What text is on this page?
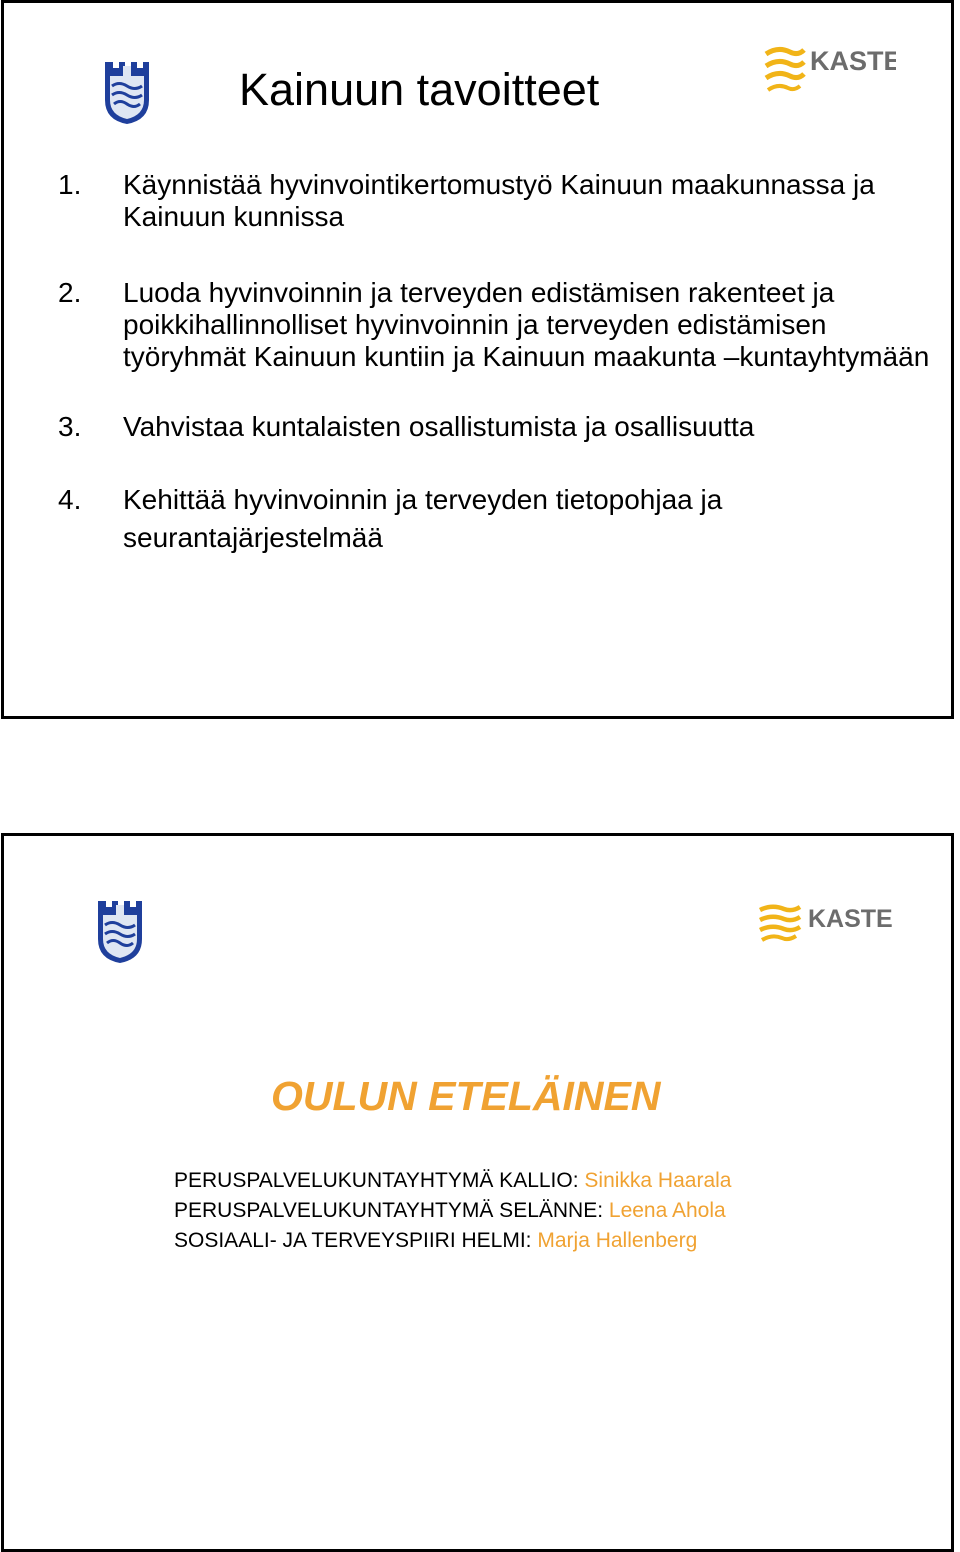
KASTE
Kainuun tavoitteet
1. Käynnistää hyvinvointikertomustyö Kainuun maakunnassa ja Kainuun kunnissa
2. Luoda hyvinvoinnin ja terveyden edistämisen rakenteet ja poikkihallinnolliset hyvinvoinnin ja terveyden edistämisen työryhmät Kainuun kuntiin ja Kainuun maakunta –kuntayhtymään
3. Vahvistaa kuntalaisten osallistumista ja osallisuutta
4. Kehittää hyvinvoinnin ja terveyden tietopohjaa ja seurantajärjestelmää
KASTE
OULUN ETELÄINEN
PERUSPALVELUKUNTAYHTYMÄ KALLIO: Sinikka Haarala
PERUSPALVELUKUNTAYHTYMÄ SELÄNNE: Leena Ahola
SOSIAALI- JA TERVEYSPIIRI HELMI: Marja Hallenberg
